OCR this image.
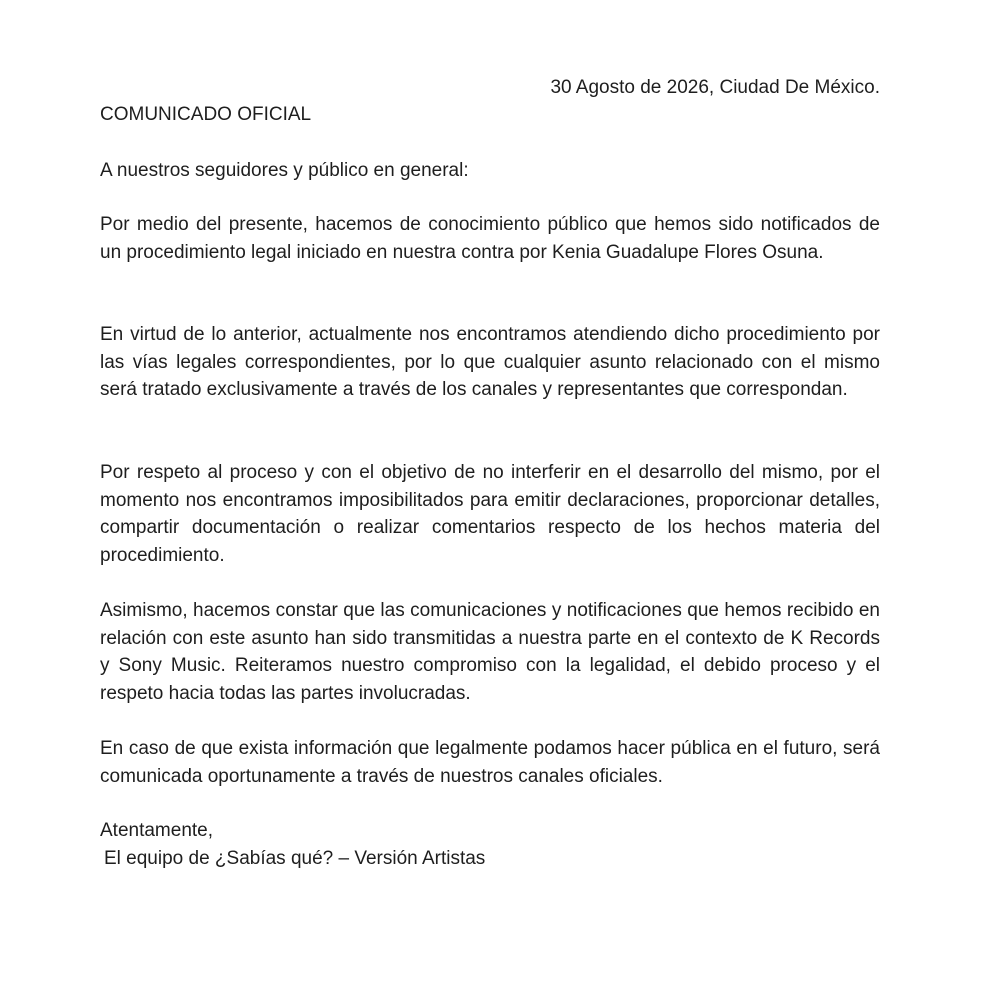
30 Agosto de 2026, Ciudad De México.
COMUNICADO OFICIAL
A nuestros seguidores y público en general:
Por medio del presente, hacemos de conocimiento público que hemos sido notificados de un procedimiento legal iniciado en nuestra contra por Kenia Guadalupe Flores Osuna.
En virtud de lo anterior, actualmente nos encontramos atendiendo dicho procedimiento por las vías legales correspondientes, por lo que cualquier asunto relacionado con el mismo será tratado exclusivamente a través de los canales y representantes que correspondan.
Por respeto al proceso y con el objetivo de no interferir en el desarrollo del mismo, por el momento nos encontramos imposibilitados para emitir declaraciones, proporcionar detalles, compartir documentación o realizar comentarios respecto de los hechos materia del procedimiento.
Asimismo, hacemos constar que las comunicaciones y notificaciones que hemos recibido en relación con este asunto han sido transmitidas a nuestra parte en el contexto de K Records y Sony Music. Reiteramos nuestro compromiso con la legalidad, el debido proceso y el respeto hacia todas las partes involucradas.
En caso de que exista información que legalmente podamos hacer pública en el futuro, será comunicada oportunamente a través de nuestros canales oficiales.
Atentamente,
El equipo de ¿Sabías qué? – Versión Artistas
